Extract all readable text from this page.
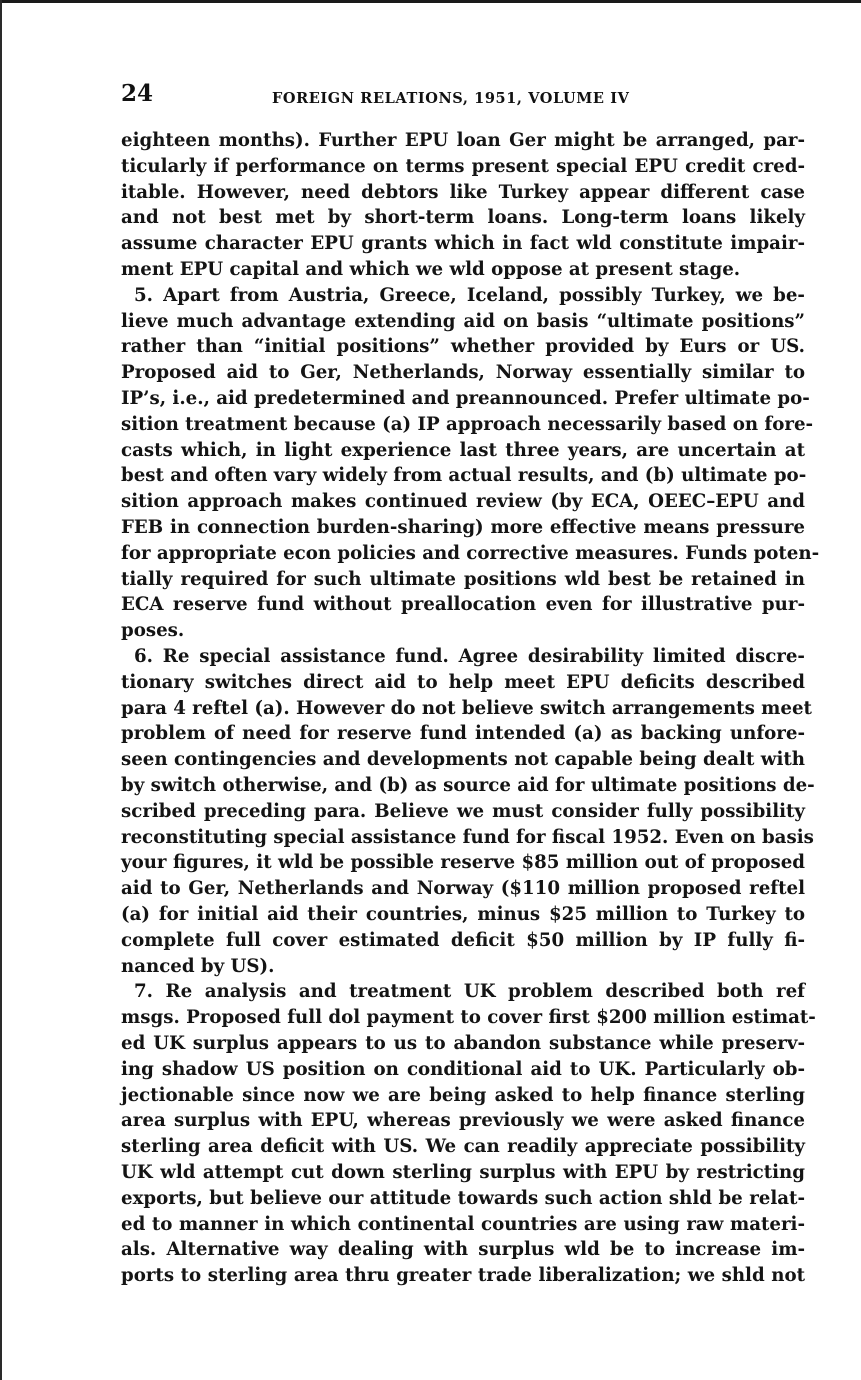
24	FOREIGN RELATIONS, 1951, VOLUME IV
eighteen months). Further EPU loan Ger might be arranged, par-
ticularly if performance on terms present special EPU credit cred-
itable. However, need debtors like Turkey appear different case
and not best met by short-term loans. Long-term loans likely
assume character EPU grants which in fact wld constitute impair-
ment EPU capital and which we wld oppose at present stage.
5. Apart from Austria, Greece, Iceland, possibly Turkey, we be-
lieve much advantage extending aid on basis “ultimate positions”
rather than “initial positions” whether provided by Eurs or US.
Proposed aid to Ger, Netherlands, Norway essentially similar to
IP’s, i.e., aid predetermined and preannounced. Prefer ultimate po-
sition treatment because (a) IP approach necessarily based on fore-
casts which, in light experience last three years, are uncertain at
best and often vary widely from actual results, and (b) ultimate po-
sition approach makes continued review (by ECA, OEEC–EPU and
FEB in connection burden-sharing) more effective means pressure
for appropriate econ policies and corrective measures. Funds poten-
tially required for such ultimate positions wld best be retained in
ECA reserve fund without preallocation even for illustrative pur-
poses.
6. Re special assistance fund. Agree desirability limited discre-
tionary switches direct aid to help meet EPU deficits described
para 4 reftel (a). However do not believe switch arrangements meet
problem of need for reserve fund intended (a) as backing unfore-
seen contingencies and developments not capable being dealt with
by switch otherwise, and (b) as source aid for ultimate positions de-
scribed preceding para. Believe we must consider fully possibility
reconstituting special assistance fund for fiscal 1952. Even on basis
your figures, it wld be possible reserve $85 million out of proposed
aid to Ger, Netherlands and Norway ($110 million proposed reftel
(a) for initial aid their countries, minus $25 million to Turkey to
complete full cover estimated deficit $50 million by IP fully fi-
nanced by US).
7. Re analysis and treatment UK problem described both ref
msgs. Proposed full dol payment to cover first $200 million estimat-
ed UK surplus appears to us to abandon substance while preserv-
ing shadow US position on conditional aid to UK. Particularly ob-
jectionable since now we are being asked to help finance sterling
area surplus with EPU, whereas previously we were asked finance
sterling area deficit with US. We can readily appreciate possibility
UK wld attempt cut down sterling surplus with EPU by restricting
exports, but believe our attitude towards such action shld be relat-
ed to manner in which continental countries are using raw materi-
als. Alternative way dealing with surplus wld be to increase im-
ports to sterling area thru greater trade liberalization; we shld not
